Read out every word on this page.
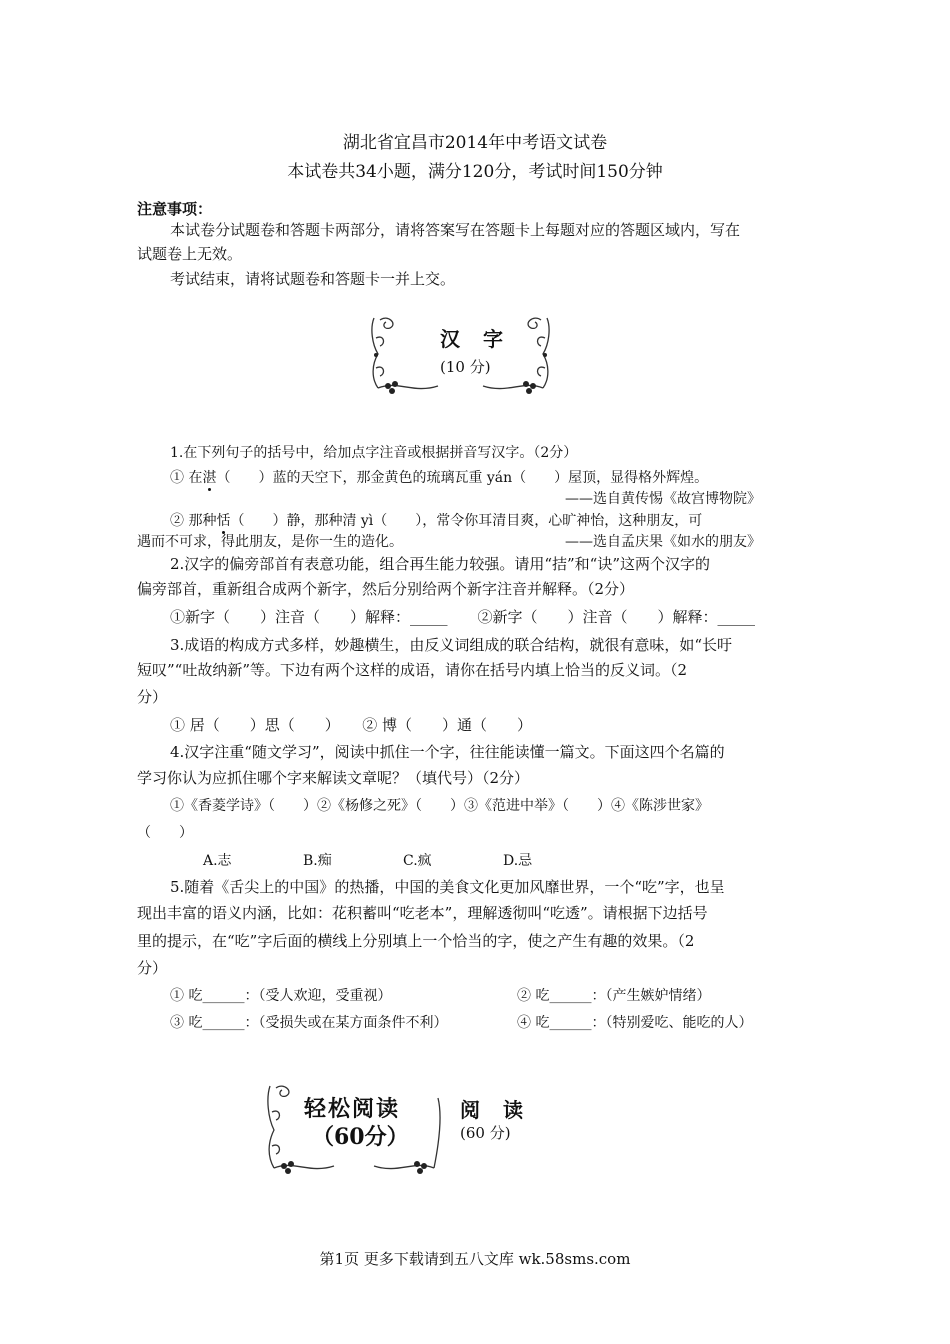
湖北省宜昌市2014年中考语文试卷
本试卷共34小题，满分120分，考试时间150分钟
注意事项：
本试卷分试题卷和答题卡两部分，请将答案写在答题卡上每题对应的答题区域内，写在
试题卷上无效。
考试结束，请将试题卷和答题卡一并上交。
汉 字
(10 分)
1.在下列句子的括号中，给加点字注音或根据拼音写汉字。（2分）
① 在湛（　　）蓝的天空下，那金黄色的琉璃瓦重 yán（　　）屋顶，显得格外辉煌。
——选自黄传惕《故宫博物院》
② 那种恬（　　）静，那种清 yì（　　），常令你耳清目爽，心旷神怡，这种朋友，可
遇而不可求，得此朋友，是你一生的造化。	——选自孟庆果《如水的朋友》
2.汉字的偏旁部首有表意功能，组合再生能力较强。请用“拮”和“诀”这两个汉字的
偏旁部首，重新组合成两个新字，然后分别给两个新字注音并解释。（2分）
①新字（　　）注音（　　）解释：_____　　②新字（　　）注音（　　）解释：_____
3.成语的构成方式多样，妙趣横生，由反义词组成的联合结构，就很有意味，如“长吁
短叹”“吐故纳新”等。下边有两个这样的成语，请你在括号内填上恰当的反义词。（2
分）
① 居（　　）思（　　）　　② 博（　　）通（　　）
4.汉字注重“随文学习”，阅读中抓住一个字，往往能读懂一篇文。下面这四个名篇的
学习你认为应抓住哪个字来解读文章呢？（填代号）（2分）
①《香菱学诗》（　　）②《杨修之死》（　　）③《范进中举》（　　）④《陈涉世家》
（　　）
A.志	B.痴	C.疯	D.忌
5.随着《舌尖上的中国》的热播，中国的美食文化更加风靡世界，一个“吃”字，也呈
现出丰富的语义内涵，比如：花积蓄叫“吃老本”，理解透彻叫“吃透”。请根据下边括号
里的提示，在“吃”字后面的横线上分别填上一个恰当的字，使之产生有趣的效果。（2
分）
① 吃______：（受人欢迎，受重视）	② 吃______：（产生嫉妒情绪）
③ 吃______：（受损失或在某方面条件不利）	④ 吃______：（特别爱吃、能吃的人）
轻松阅读
（60分）
阅 读
(60 分)
第1页 更多下载请到五八文库 wk.58sms.com
